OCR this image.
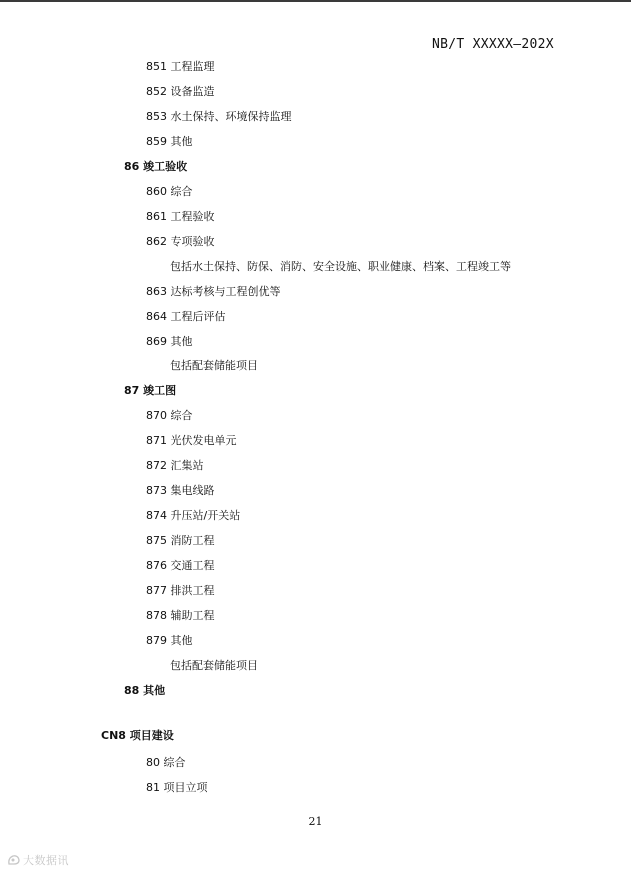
NB/T XXXXX—202X
851 工程监理
852 设备监造
853 水土保持、环境保持监理
859 其他
86 竣工验收
860 综合
861 工程验收
862 专项验收
包括水土保持、防保、消防、安全设施、职业健康、档案、工程竣工等
863 达标考核与工程创优等
864 工程后评估
869 其他
包括配套储能项目
87 竣工图
870 综合
871 光伏发电单元
872 汇集站
873 集电线路
874 升压站/开关站
875 消防工程
876 交通工程
877 排洪工程
878 辅助工程
879 其他
包括配套储能项目
88 其他
CN8 项目建设
80 综合
81 项目立项
21
大数据讯
